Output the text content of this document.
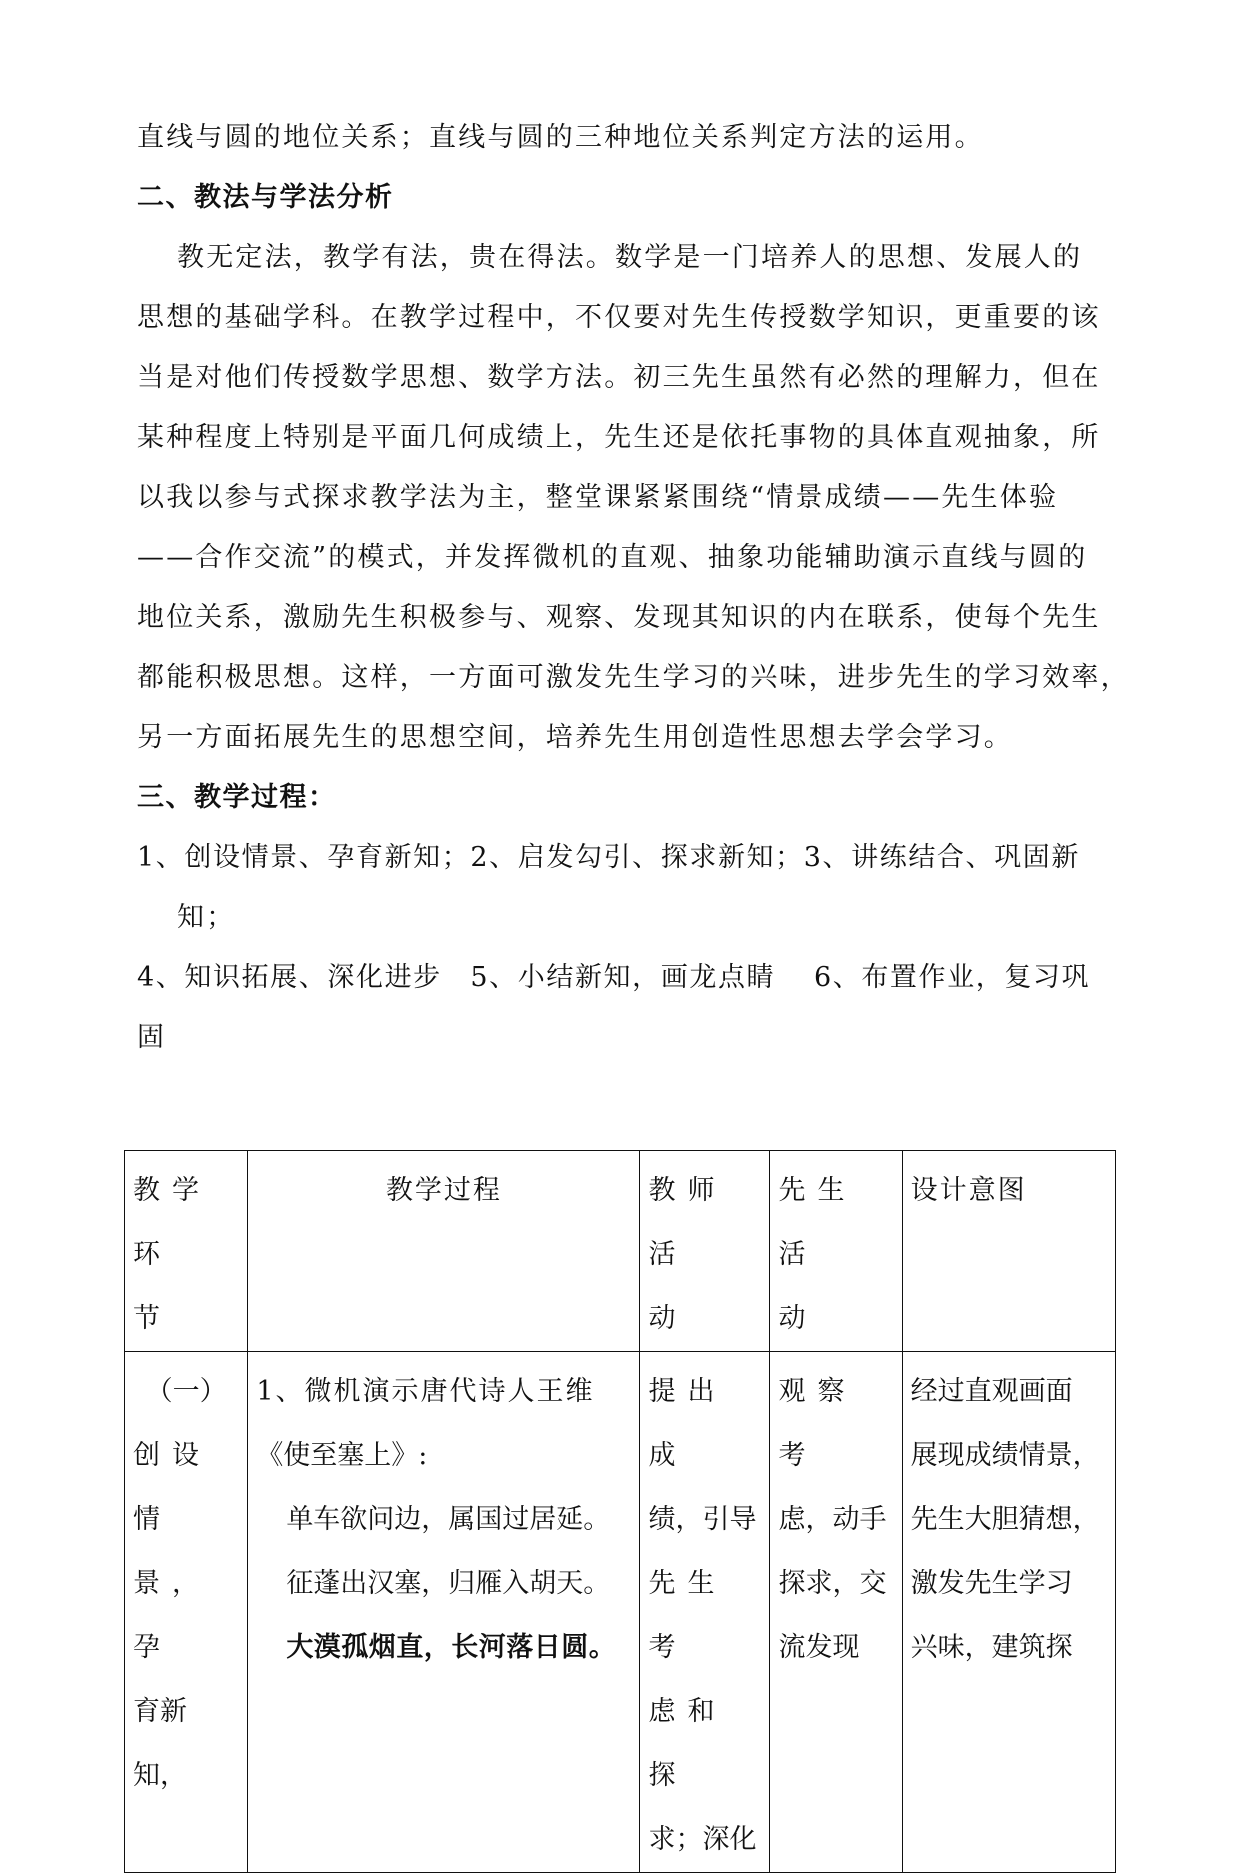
直线与圆的地位关系；直线与圆的三种地位关系判定方法的运用。
二、教法与学法分析
教无定法，教学有法，贵在得法。数学是一门培养人的思想、发展人的
思想的基础学科。在教学过程中，不仅要对先生传授数学知识，更重要的该
当是对他们传授数学思想、数学方法。初三先生虽然有必然的理解力，但在
某种程度上特别是平面几何成绩上，先生还是依托事物的具体直观抽象，所
以我以参与式探求教学法为主，整堂课紧紧围绕“情景成绩——先生体验
——合作交流”的模式，并发挥微机的直观、抽象功能辅助演示直线与圆的
地位关系，激励先生积极参与、观察、发现其知识的内在联系，使每个先生
都能积极思想。这样，一方面可激发先生学习的兴味，进步先生的学习效率，
另一方面拓展先生的思想空间，培养先生用创造性思想去学会学习。
三、教学过程：
1、创设情景、孕育新知；2、启发勾引、探求新知；3、讲练结合、巩固新
知；
4、知识拓展、深化进步　5、小结新知，画龙点睛　 6、布置作业，复习巩
固
教学环
节	教学过程	教师活
动	先生活
动	设计意图

（一）
创设情
景，孕
育新知，	1、微机演示唐代诗人王维
《使至塞上》:
单车欲问边，属国过居延。
征蓬出汉塞，归雁入胡天。
大漠孤烟直，长河落日圆。	提出成
绩，引导
先生考
虑和探
求；深化	观察考
虑，动手
探求，交
流发现	经过直观画面
展现成绩情景，
先生大胆猜想，
激发先生学习
兴味，建筑探
